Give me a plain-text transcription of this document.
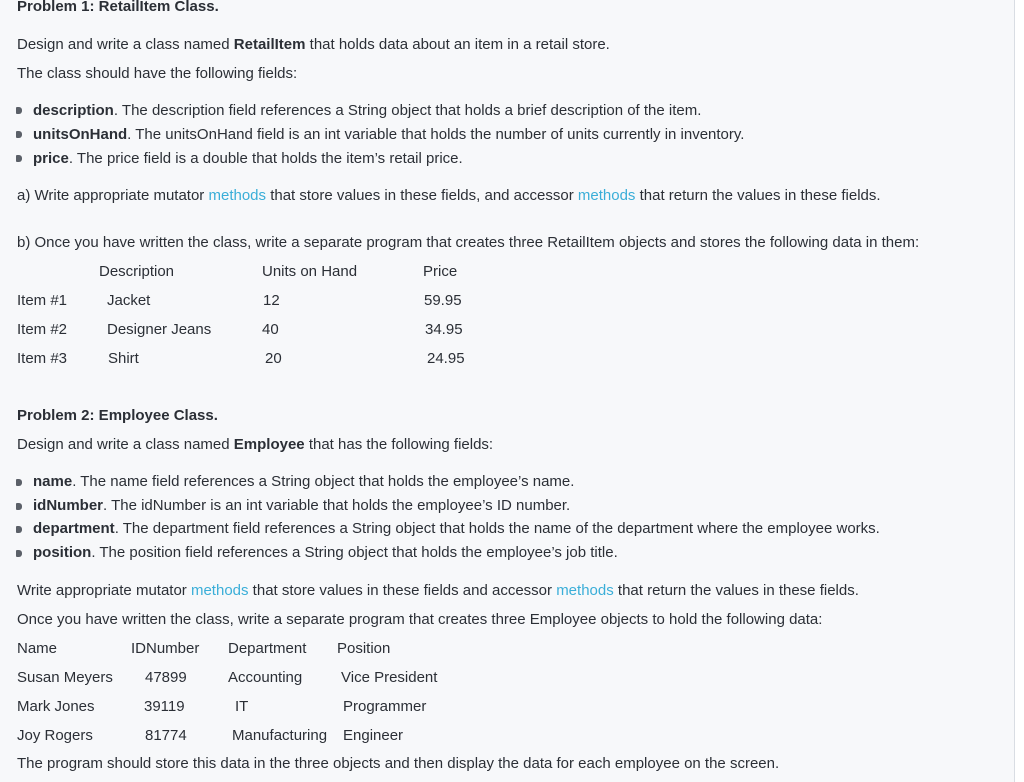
Problem 1: RetailItem Class.
Design and write a class named RetailItem that holds data about an item in a retail store.
The class should have the following fields:
description. The description field references a String object that holds a brief description of the item.
unitsOnHand. The unitsOnHand field is an int variable that holds the number of units currently in inventory.
price. The price field is a double that holds the item’s retail price.
a) Write appropriate mutator methods that store values in these fields, and accessor methods that return the values in these fields.
b) Once you have written the class, write a separate program that creates three RetailItem objects and stores the following data in them:
Description	Units on Hand	Price
Item #1	Jacket	12	59.95
Item #2	Designer Jeans	40	34.95
Item #3	Shirt	20	24.95
Problem 2: Employee Class.
Design and write a class named Employee that has the following fields:
name. The name field references a String object that holds the employee’s name.
idNumber. The idNumber is an int variable that holds the employee’s ID number.
department. The department field references a String object that holds the name of the department where the employee works.
position. The position field references a String object that holds the employee’s job title.
Write appropriate mutator methods that store values in these fields and accessor methods that return the values in these fields.
Once you have written the class, write a separate program that creates three Employee objects to hold the following data:
Name	IDNumber Department Position
Susan Meyers 47899	Accounting	Vice President
Mark Jones	39119	IT	Programmer
Joy Rogers	81774	Manufacturing Engineer
The program should store this data in the three objects and then display the data for each employee on the screen.
